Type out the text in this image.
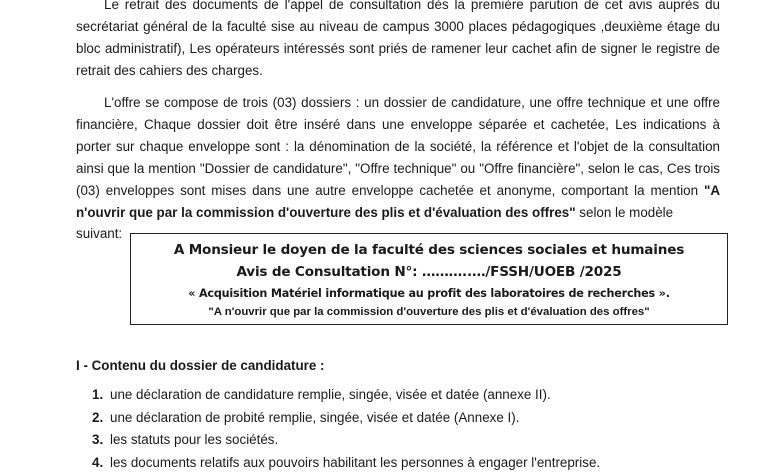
Le retrait des documents de l'appel de consultation dès la première parution de cet avis auprès du secrétariat général de la faculté sise au niveau de campus 3000 places pédagogiques ,deuxième étage du bloc administratif), Les opérateurs intéressés sont priés de ramener leur cachet afin de signer le registre de retrait des cahiers des charges.

L'offre se compose de trois (03) dossiers : un dossier de candidature, une offre technique et une offre financière, Chaque dossier doit être inséré dans une enveloppe séparée et cachetée, Les indications à porter sur chaque enveloppe sont : la dénomination de la société, la référence et l'objet de la consultation ainsi que la mention "Dossier de candidature", "Offre technique" ou "Offre financière", selon le cas, Ces trois (03) enveloppes sont mises dans une autre enveloppe cachetée et anonyme, comportant la mention "A n'ouvrir que par la commission d'ouverture des plis et d'évaluation des offres" selon le modèle

suivant:
A Monsieur le doyen de la faculté des sciences sociales et humaines
Avis de Consultation N°: ………..…/FSSH/UOEB /2025
« Acquisition Matériel informatique au profit des laboratoires de recherches ».
"A n'ouvrir que par la commission d'ouverture des plis et d'évaluation des offres"
I - Contenu du dossier de candidature :
1. une déclaration de candidature remplie, singée, visée et datée (annexe II).
2. une déclaration de probité remplie, singée, visée et datée (Annexe I).
3. les statuts pour les sociétés.
4. les documents relatifs aux pouvoirs habilitant les personnes à engager l'entreprise.
